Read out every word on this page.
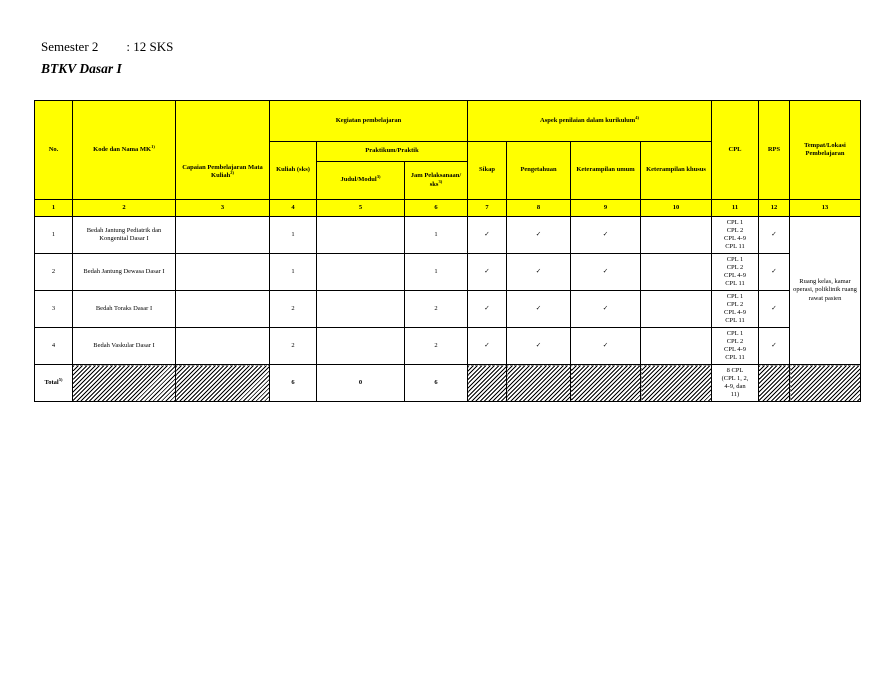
Semester 2 : 12 SKS
BTKV Dasar I
No.	Kode dan Nama MK$^{1)}$	Capaian Pembelajaran Mata Kuliah$^{2)}$	Kegiatan pembelajaran			Aspek penilaian dalam kurikulum$^{4)}$				CPL	RPS	Tempat/Lokasi Pembelajaran
			Kuliah (sks)	Praktikum/Praktik		Sikap	Pengetahuan	Keterampilan umum	Keterampilan khusus			
				Judul/Modul$^{3)}$	Jam Pelaksanaan/ sks$^{3)}$
1	2	3	4	5	6	7	8	9	10	11	12	13
1	Bedah Jantung Pediatrik dan Kongenital Dasar I		1		1	✓	✓	✓		CPL 1
CPL 2
CPL 4-9
CPL 11	✓	Ruang kelas, kamar operasi, poliklinik ruang rawat pasien
2	Bedah Jantung Dewasa Dasar I		1		1	✓	✓	✓		CPL 1
CPL 2
CPL 4-9
CPL 11	✓	
3	Bedah Toraks Dasar I		2		2	✓	✓	✓		CPL 1
CPL 2
CPL 4-9
CPL 11	✓	
4	Bedah Vaskular Dasar I		2		2	✓	✓	✓		CPL 1
CPL 2
CPL 4-9
CPL 11	✓	
Total$^{5)}$			6	0	6					8 CPL
(CPL 1, 2,
4-9, dan
11)		
